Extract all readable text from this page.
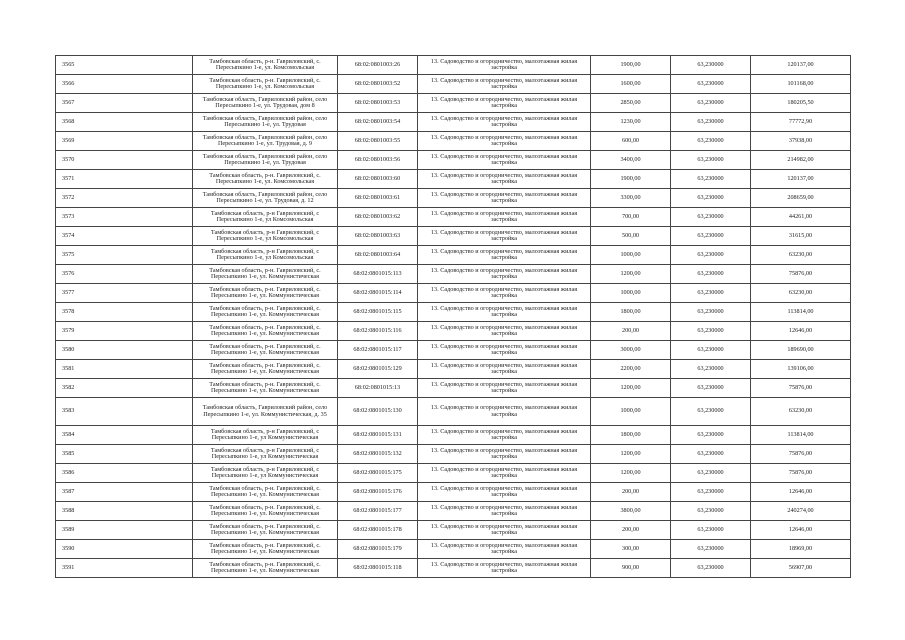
3565	Тамбовская область, р-н. Гавриловский, с. Пересыпкино 1-е, ул. Комсомольская	68:02:0801003:26	13. Садоводство и огородничество, малоэтажная жилая застройка	1900,00	63,230000	120137,00
3566	Тамбовская область, р-н. Гавриловский, с. Пересыпкино 1-е, ул. Комсомольская	68:02:0801003:52	13. Садоводство и огородничество, малоэтажная жилая застройка	1600,00	63,230000	101168,00
3567	Тамбовская область, Гавриловский район, село Пересыпкино 1-е, ул. Трудовая, дом 8	68:02:0801003:53	13. Садоводство и огородничество, малоэтажная жилая застройка	2850,00	63,230000	180205,50
3568	Тамбовская область, Гавриловский район, село Пересыпкино 1-е, ул. Трудовая	68:02:0801003:54	13. Садоводство и огородничество, малоэтажная жилая застройка	1230,00	63,230000	77772,90
3569	Тамбовская область, Гавриловский район, село Пересыпкино 1-е, ул. Трудовая, д. 9	68:02:0801003:55	13. Садоводство и огородничество, малоэтажная жилая застройка	600,00	63,230000	37938,00
3570	Тамбовская область, Гавриловский район, село Пересыпкино 1-е, ул. Трудовая	68:02:0801003:56	13. Садоводство и огородничество, малоэтажная жилая застройка	3400,00	63,230000	214982,00
3571	Тамбовская область, р-н. Гавриловский, с. Пересыпкино 1-е, ул. Комсомольская	68:02:0801003:60	13. Садоводство и огородничество, малоэтажная жилая застройка	1900,00	63,230000	120137,00
3572	Тамбовская область, Гавриловский район, село Пересыпкино 1-е, ул. Трудовая, д. 12	68:02:0801003:61	13. Садоводство и огородничество, малоэтажная жилая застройка	3300,00	63,230000	208659,00
3573	Тамбовская область, р-н Гавриловский, с Пересыпкино 1-е, ул Комсомольская	68:02:0801003:62	13. Садоводство и огородничество, малоэтажная жилая застройка	700,00	63,230000	44261,00
3574	Тамбовская область, р-н Гавриловский, с Пересыпкино 1-е, ул Комсомольская	68:02:0801003:63	13. Садоводство и огородничество, малоэтажная жилая застройка	500,00	63,230000	31615,00
3575	Тамбовская область, р-н Гавриловский, с Пересыпкино 1-е, ул Комсомольская	68:02:0801003:64	13. Садоводство и огородничество, малоэтажная жилая застройка	1000,00	63,230000	63230,00
3576	Тамбовская область, р-н. Гавриловский, с. Пересыпкино 1-е, ул. Коммунистическая	68:02:0801015:113	13. Садоводство и огородничество, малоэтажная жилая застройка	1200,00	63,230000	75876,00
3577	Тамбовская область, р-н. Гавриловский, с. Пересыпкино 1-е, ул. Коммунистическая	68:02:0801015:114	13. Садоводство и огородничество, малоэтажная жилая застройка	1000,00	63,230000	63230,00
3578	Тамбовская область, р-н. Гавриловский, с. Пересыпкино 1-е, ул. Коммунистическая	68:02:0801015:115	13. Садоводство и огородничество, малоэтажная жилая застройка	1800,00	63,230000	113814,00
3579	Тамбовская область, р-н. Гавриловский, с. Пересыпкино 1-е, ул. Коммунистическая	68:02:0801015:116	13. Садоводство и огородничество, малоэтажная жилая застройка	200,00	63,230000	12646,00
3580	Тамбовская область, р-н. Гавриловский, с. Пересыпкино 1-е, ул. Коммунистическая	68:02:0801015:117	13. Садоводство и огородничество, малоэтажная жилая застройка	3000,00	63,230000	189690,00
3581	Тамбовская область, р-н. Гавриловский, с. Пересыпкино 1-е, ул. Коммунистическая	68:02:0801015:129	13. Садоводство и огородничество, малоэтажная жилая застройка	2200,00	63,230000	139106,00
3582	Тамбовская область, р-н. Гавриловский, с. Пересыпкино 1-е, ул. Коммунистическая	68:02:0801015:13	13. Садоводство и огородничество, малоэтажная жилая застройка	1200,00	63,230000	75876,00
3583	Тамбовская область, Гавриловский район, село Пересыпкино 1-е, ул. Коммунистическая, д. 35	68:02:0801015:130	13. Садоводство и огородничество, малоэтажная жилая застройка	1000,00	63,230000	63230,00
3584	Тамбовская область, р-н Гавриловский, с Пересыпкино 1-е, ул Коммунистическая	68:02:0801015:131	13. Садоводство и огородничество, малоэтажная жилая застройка	1800,00	63,230000	113814,00
3585	Тамбовская область, р-н Гавриловский, с Пересыпкино 1-е, ул Коммунистическая	68:02:0801015:132	13. Садоводство и огородничество, малоэтажная жилая застройка	1200,00	63,230000	75876,00
3586	Тамбовская область, р-н Гавриловский, с Пересыпкино 1-е, ул Коммунистическая	68:02:0801015:175	13. Садоводство и огородничество, малоэтажная жилая застройка	1200,00	63,230000	75876,00
3587	Тамбовская область, р-н. Гавриловский, с. Пересыпкино 1-е, ул. Коммунистическая	68:02:0801015:176	13. Садоводство и огородничество, малоэтажная жилая застройка	200,00	63,230000	12646,00
3588	Тамбовская область, р-н. Гавриловский, с. Пересыпкино 1-е, ул. Коммунистическая	68:02:0801015:177	13. Садоводство и огородничество, малоэтажная жилая застройка	3800,00	63,230000	240274,00
3589	Тамбовская область, р-н. Гавриловский, с. Пересыпкино 1-е, ул. Коммунистическая	68:02:0801015:178	13. Садоводство и огородничество, малоэтажная жилая застройка	200,00	63,230000	12646,00
3590	Тамбовская область, р-н. Гавриловский, с. Пересыпкино 1-е, ул. Коммунистическая	68:02:0801015:179	13. Садоводство и огородничество, малоэтажная жилая застройка	300,00	63,230000	18969,00
3591	Тамбовская область, р-н. Гавриловский, с. Пересыпкино 1-е, ул. Коммунистическая	68:02:0801015:118	13. Садоводство и огородничество, малоэтажная жилая застройка	900,00	63,230000	56907,00
